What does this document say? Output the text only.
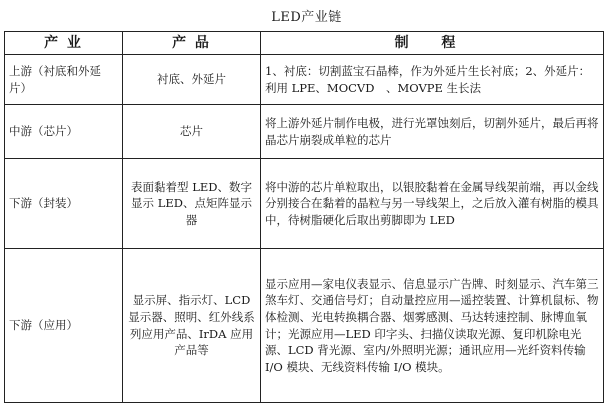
LED产业链
产 业	产 品	制 程
上游（衬底和外延片）	衬底、外延片	1、衬底：切割蓝宝石晶棒，作为外延片生长衬底；2、外延片：利用 LPE、MOCVD　、MOVPE 生长法
中游（芯片）	芯片	将上游外延片制作电极，进行光罩蚀刻后，切割外延片，最后再将晶芯片崩裂成单粒的芯片
下游（封装）	表面黏着型 LED、数字显示 LED、点矩阵显示器	将中游的芯片单粒取出，以银胶黏着在金属导线架前端，再以金线分别接合在黏着的晶粒与另一导线架上，之后放入灌有树脂的模具中，待树脂硬化后取出剪脚即为 LED
下游（应用）	显示屏、指示灯、LCD 显示器、照明、红外线系列应用产品、IrDA 应用产品等	显示应用—家电仪表显示、信息显示广告牌、时刻显示、汽车第三煞车灯、交通信号灯；自动量控应用—遥控装置、计算机鼠标、物体检测、光电转换耦合器、烟雾感测、马达转速控制、脉博血氧计；光源应用—LED 印字头、扫描仪读取光源、复印机除电光源、LCD 背光源、室内/外照明光源；通讯应用—光纤资料传输 I/O 模块、无线资料传输 I/O 模块。
